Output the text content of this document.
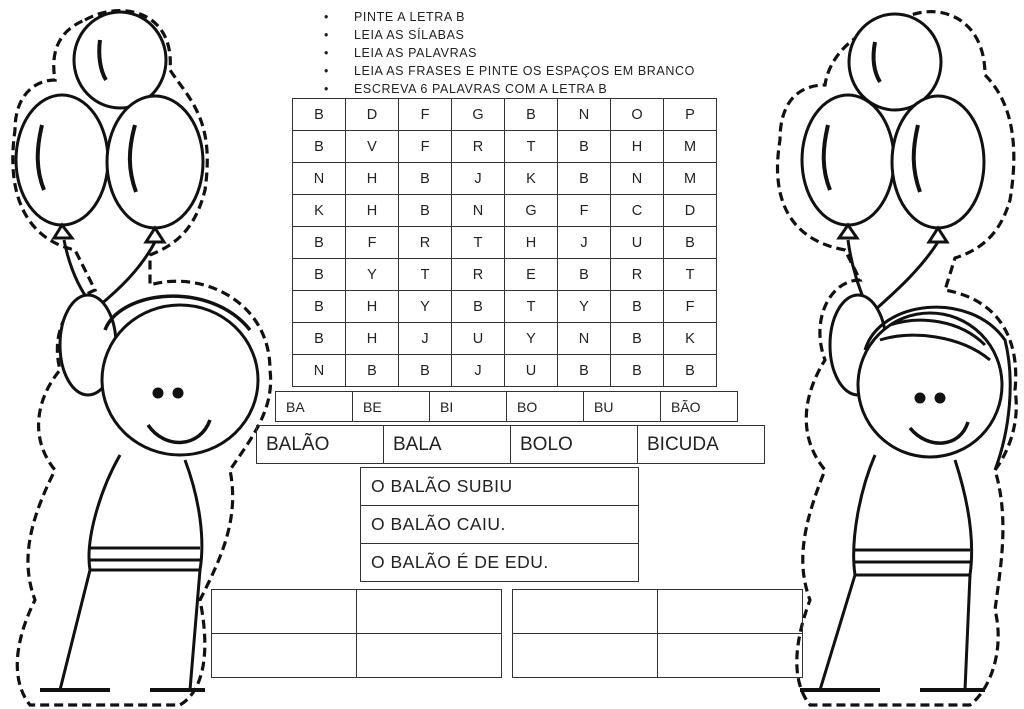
• PINTE A LETRA B
• LEIA AS SÍLABAS
• LEIA AS PALAVRAS
• LEIA AS FRASES E PINTE OS ESPAÇOS EM BRANCO
• ESCREVA 6 PALAVRAS COM A LETRA B
B	D	F	G	B	N	O	P
B	V	F	R	T	B	H	M
N	H	B	J	K	B	N	M
K	H	B	N	G	F	C	D
B	F	R	T	H	J	U	B
B	Y	T	R	E	B	R	T
B	H	Y	B	T	Y	B	F
B	H	J	U	Y	N	B	K
N	B	B	J	U	B	B	B
BA	BE	BI	BO	BU	BÃO
BALÃO	BALA	BOLO	BICUDA
O BALÃO SUBIU
O BALÃO CAIU.
O BALÃO É DE EDU.
